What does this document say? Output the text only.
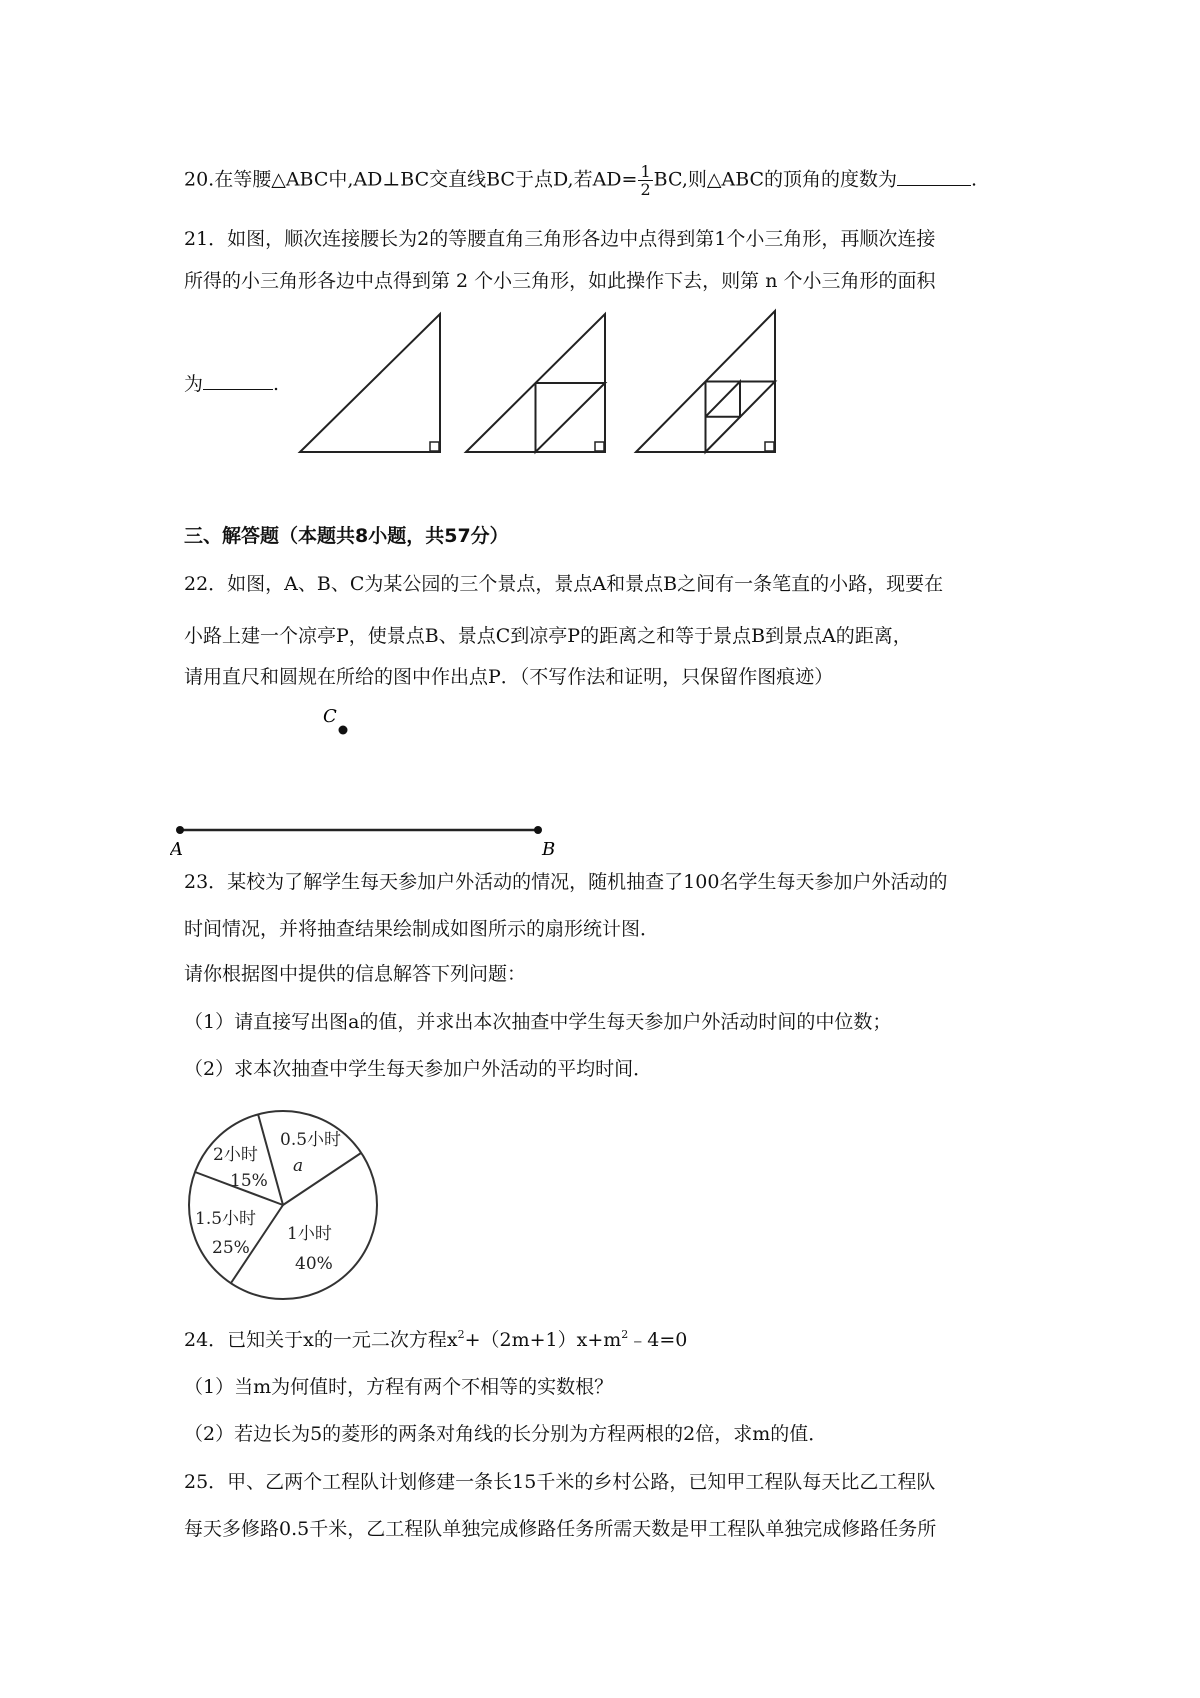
20.在等腰△ABC中,AD⊥BC交直线BC于点D,若$AD= \frac{1}{2}$ BC,则△ABC的顶角的度数为	.
21．如图，顺次连接腰长为2的等腰直角三角形各边中点得到第1个小三角形，再顺次连接
所得的小三角形各边中点得到第 2 个小三角形，如此操作下去，则第 n 个小三角形的面积
为	.
三、解答题（本题共8小题，共57分）
22．如图，A、B、C为某公园的三个景点，景点A和景点B之间有一条笔直的小路，现要在
小路上建一个凉亭P，使景点B、景点C到凉亭P的距离之和等于景点B到景点A的距离，
请用直尺和圆规在所给的图中作出点P．（不写作法和证明，只保留作图痕迹）
A	B
C
23．某校为了解学生每天参加户外活动的情况，随机抽查了100名学生每天参加户外活动的
时间情况，并将抽查结果绘制成如图所示的扇形统计图．
请你根据图中提供的信息解答下列问题：
（1）请直接写出图a的值，并求出本次抽查中学生每天参加户外活动时间的中位数；
（2）求本次抽查中学生每天参加户外活动的平均时间．
0.5小时
a
1小时
40%
1.5小时
25%
2小时
15%
24．已知关于x的一元二次方程$x^2+(2m+1)x+m^2﹣4=0$
（1）当m为何值时，方程有两个不相等的实数根？
（2）若边长为5的菱形的两条对角线的长分别为方程两根的2倍，求m的值．
25．甲、乙两个工程队计划修建一条长15千米的乡村公路，已知甲工程队每天比乙工程队
每天多修路0.5千米，乙工程队单独完成修路任务所需天数是甲工程队单独完成修路任务所
